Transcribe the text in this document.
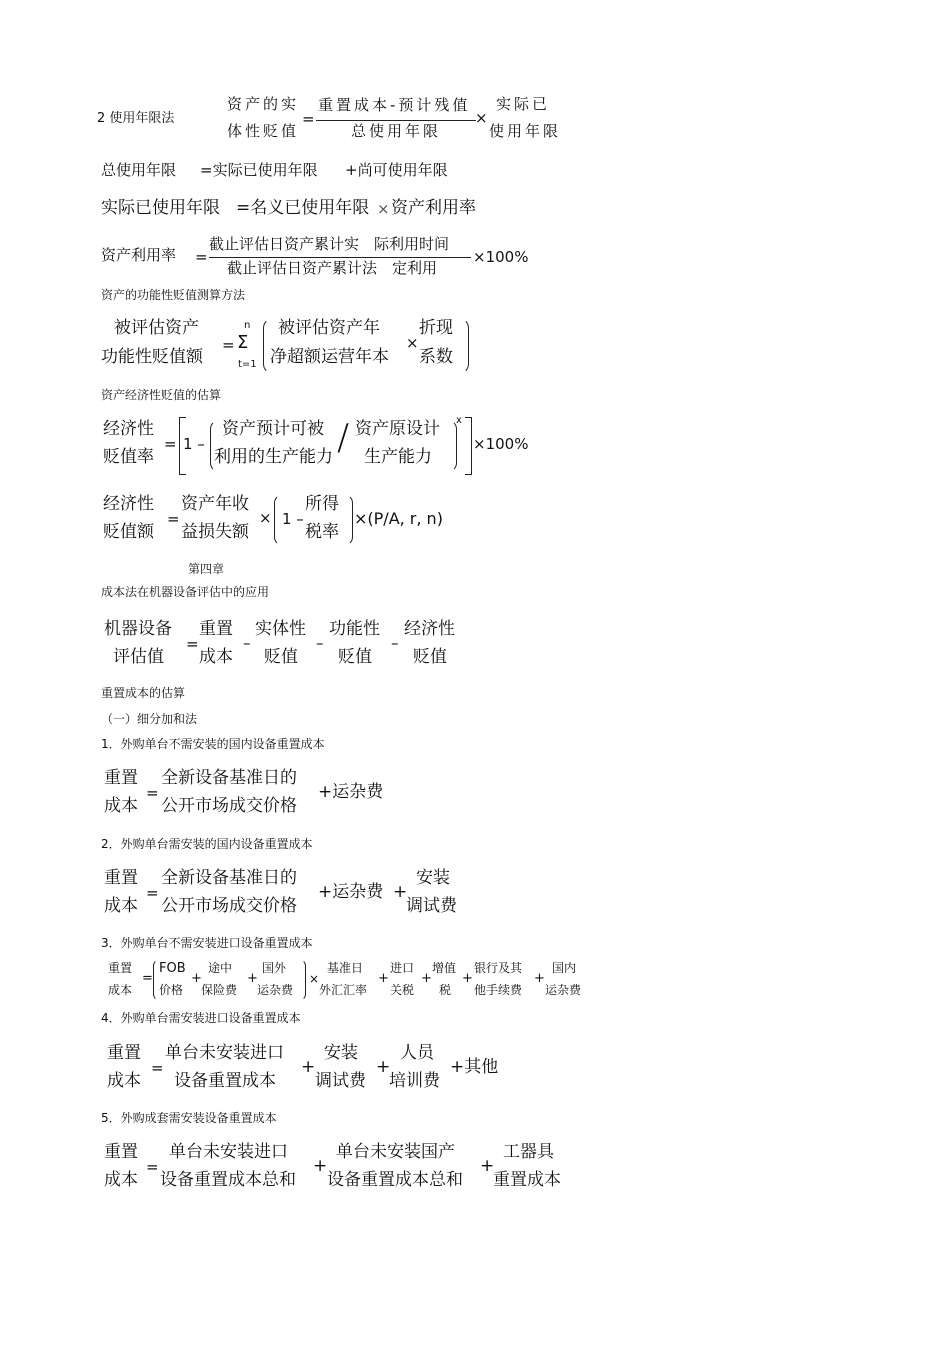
2 使用年限法
资产的实
体性贬值
=
重置成本-预计残值
总使用年限
×
实际已
使用年限
总使用年限 =实际已使用年限 +尚可使用年限
实际已使用年限 =名义已使用年限 × 资产利用率
资产利用率 =
截止评估日资产累计实　际利用时间
截止评估日资产累计法　定利用
×100%
资产的功能性贬值测算方法
被评估资产
功能性贬值额
=
n
Σ
t=1
被评估资产年
净超额运营年本
×
折现
系数
资产经济性贬值的估算
经济性
贬值率
= 1 –
资产预计可被
利用的生产能力 / 资产原设计
生产能力
x
×100%
经济性
贬值额
=
资产年收
益损失额
× 1 –
所得
税率
×(P/A, r, n)
第四章
成本法在机器设备评估中的应用
机器设备
评估值
=
重置
成本
–
实体性
贬值
–
功能性
贬值
–
经济性
贬值
重置成本的估算
（一）细分加和法
1．外购单台不需安装的国内设备重置成本
重置
成本
=
全新设备基准日的
公开市场成交价格
+运杂费
2．外购单台需安装的国内设备重置成本
重置
成本
=
全新设备基准日的
公开市场成交价格
+运杂费 +
安装
调试费
3．外购单台不需安装进口设备重置成本
重置
成本
=
FOB
价格
+
途中
保险费
+
国外
运杂费
×
基准日
外汇汇率
+
进口
关税
+
增值
税
+
银行及其
他手续费
+
国内
运杂费
4．外购单台需安装进口设备重置成本
重置
成本
=
单台未安装进口
设备重置成本
+
安装
调试费
+
人员
培训费
+其他
5．外购成套需安装设备重置成本
重置
成本
=
单台未安装进口
设备重置成本总和
+
单台未安装国产
设备重置成本总和
+
工器具
重置成本
